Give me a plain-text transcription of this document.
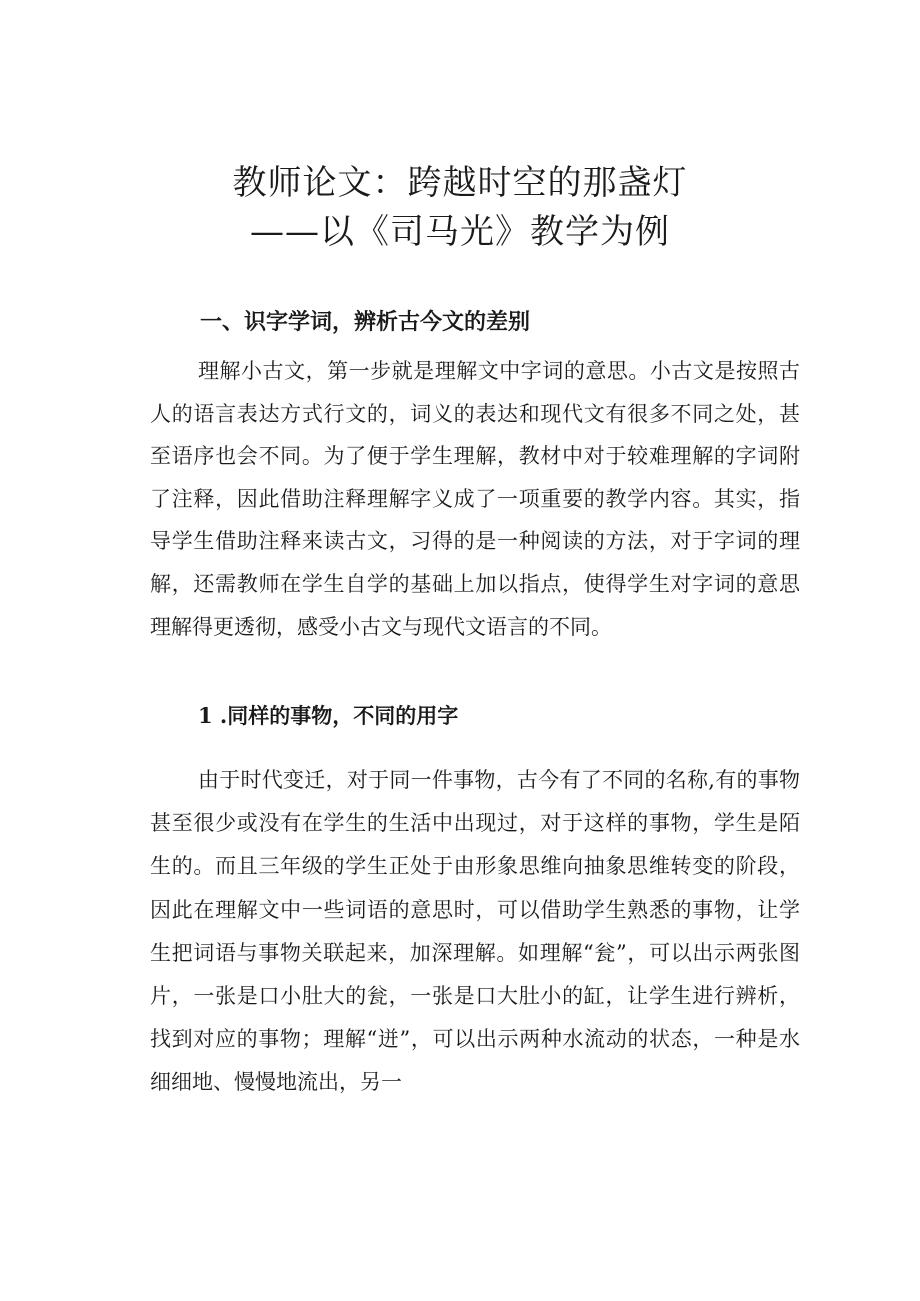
教师论文：跨越时空的那盏灯
——以《司马光》教学为例
一、识字学词，辨析古今文的差别

理解小古文，第一步就是理解文中字词的意思。小古文是按照古人的语言表达方式行文的，词义的表达和现代文有很多不同之处，甚至语序也会不同。为了便于学生理解，教材中对于较难理解的字词附了注释，因此借助注释理解字义成了一项重要的教学内容。其实，指导学生借助注释来读古文，习得的是一种阅读的方法，对于字词的理解，还需教师在学生自学的基础上加以指点，使得学生对字词的意思理解得更透彻，感受小古文与现代文语言的不同。

1 .同样的事物，不同的用字

由于时代变迁，对于同一件事物，古今有了不同的名称,有的事物甚至很少或没有在学生的生活中出现过，对于这样的事物，学生是陌生的。而且三年级的学生正处于由形象思维向抽象思维转变的阶段，因此在理解文中一些词语的意思时，可以借助学生熟悉的事物，让学生把词语与事物关联起来，加深理解。如理解“瓮”，可以出示两张图片，一张是口小肚大的瓮，一张是口大肚小的缸，让学生进行辨析，找到对应的事物；理解“迸”，可以出示两种水流动的状态，一种是水细细地、慢慢地流出，另一
